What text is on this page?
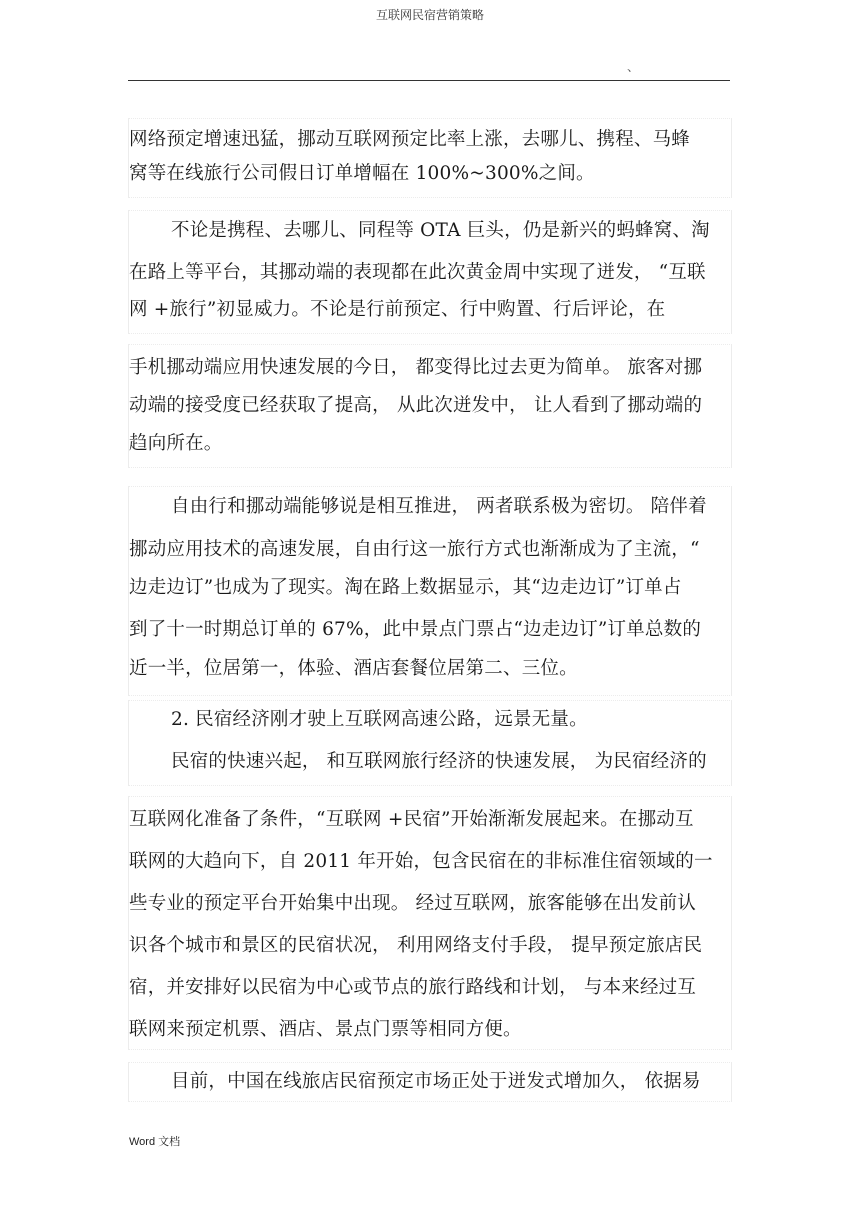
互联网民宿营销策略
、
网络预定增速迅猛，挪动互联网预定比率上涨，去哪儿、携程、马蜂
窝等在线旅行公司假日订单增幅在 100%~300%之间。
不论是携程、去哪儿、同程等 OTA 巨头，仍是新兴的蚂蜂窝、淘
在路上等平台，其挪动端的表现都在此次黄金周中实现了迸发， “互联
网 +旅行”初显威力。不论是行前预定、行中购置、行后评论，在
手机挪动端应用快速发展的今日， 都变得比过去更为简单。 旅客对挪
动端的接受度已经获取了提高， 从此次迸发中， 让人看到了挪动端的
趋向所在。
自由行和挪动端能够说是相互推进， 两者联系极为密切。 陪伴着
挪动应用技术的高速发展，自由行这一旅行方式也渐渐成为了主流，“
边走边订”也成为了现实。淘在路上数据显示，其“边走边订”订单占
到了十一时期总订单的 67%，此中景点门票占“边走边订”订单总数的
近一半，位居第一，体验、酒店套餐位居第二、三位。
2. 民宿经济刚才驶上互联网高速公路，远景无量。
民宿的快速兴起， 和互联网旅行经济的快速发展， 为民宿经济的
互联网化准备了条件，“互联网 +民宿”开始渐渐发展起来。在挪动互
联网的大趋向下，自 2011 年开始，包含民宿在的非标准住宿领域的一
些专业的预定平台开始集中出现。 经过互联网，旅客能够在出发前认
识各个城市和景区的民宿状况， 利用网络支付手段， 提早预定旅店民
宿，并安排好以民宿为中心或节点的旅行路线和计划， 与本来经过互
联网来预定机票、酒店、景点门票等相同方便。
目前，中国在线旅店民宿预定市场正处于迸发式增加久， 依据易
Word 文档
